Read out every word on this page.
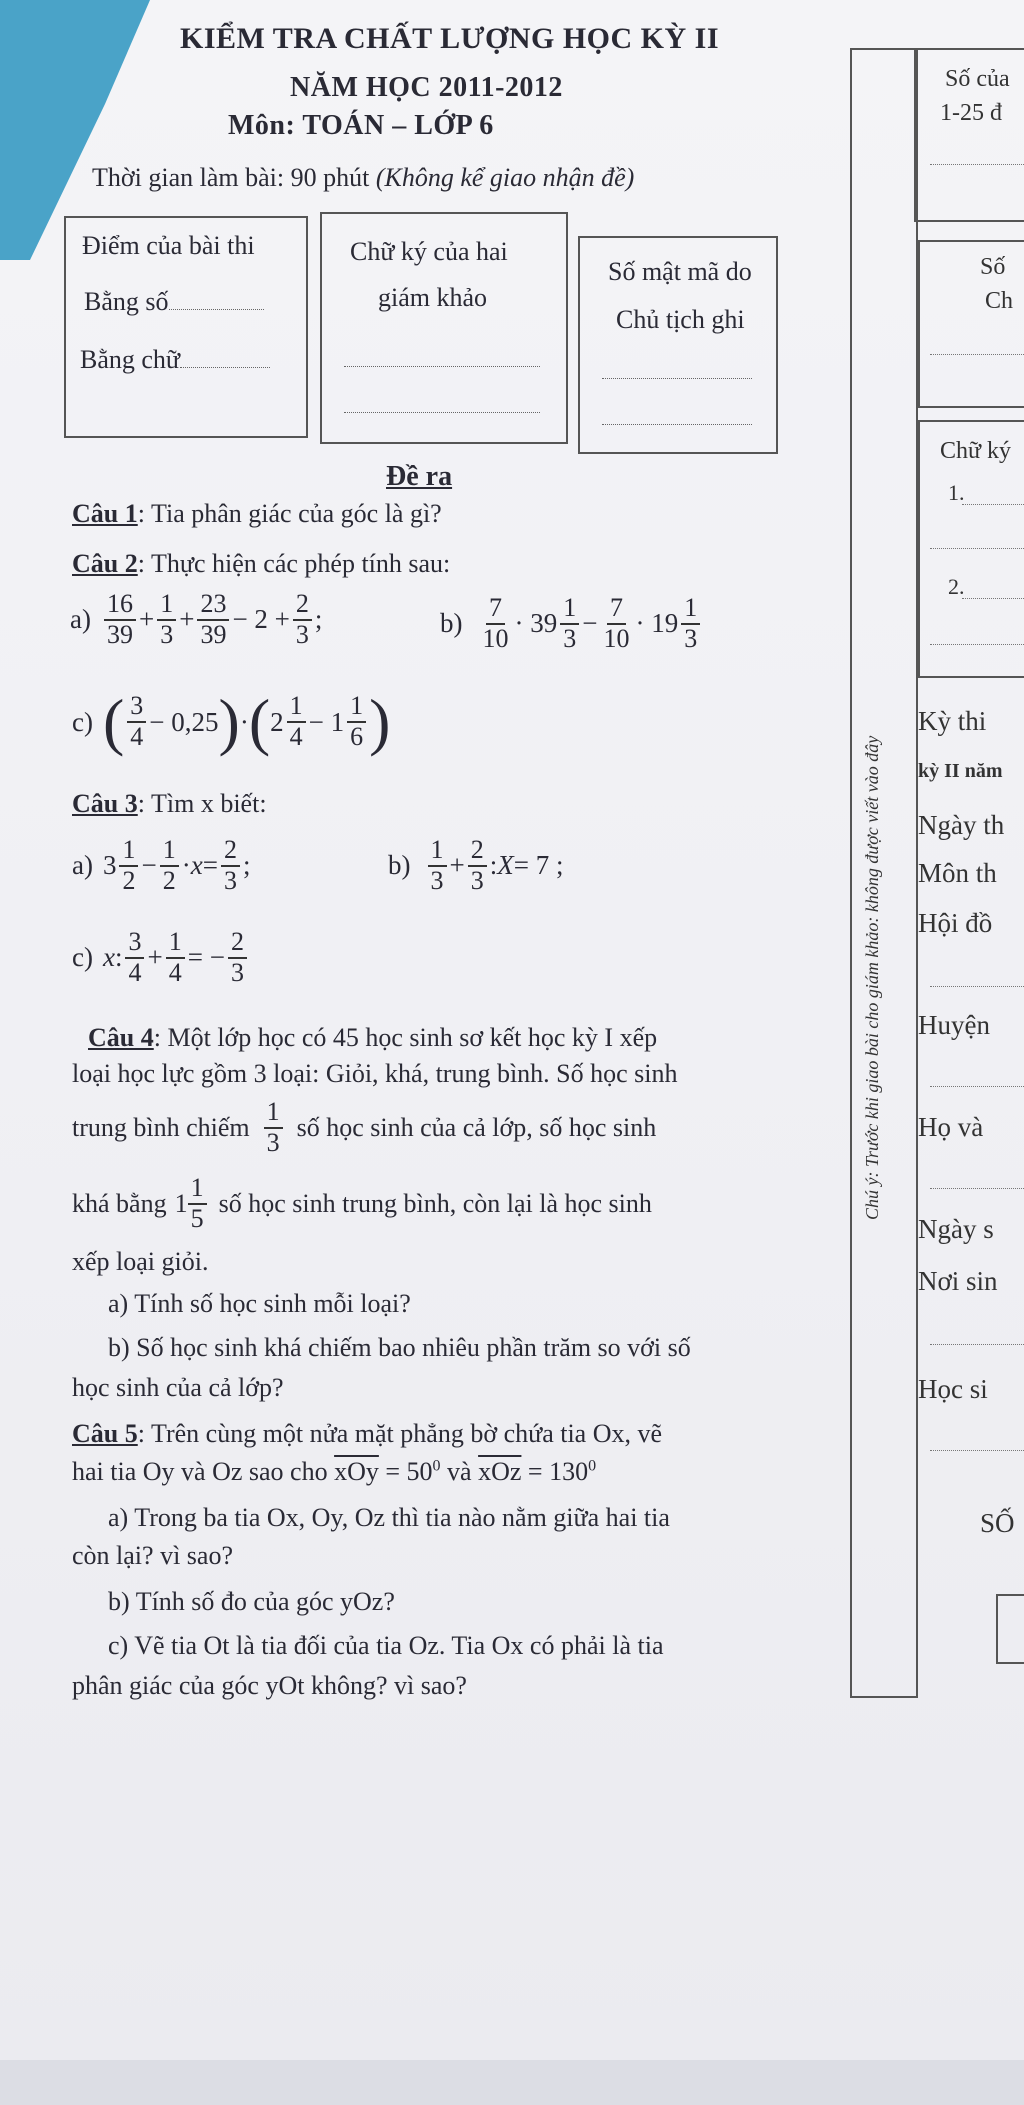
KIỂM TRA CHẤT LƯỢNG HỌC KỲ II
NĂM HỌC 2011-2012
Môn: TOÁN – LỚP 6
Thời gian làm bài: 90 phút (Không kể giao nhận đề)
Điểm của bài thi
Bằng số
Bằng chữ
Chữ ký của hai
giám khảo
Số mật mã do
Chủ tịch ghi
Đề ra
Câu 1: Tia phân giác của góc là gì?
Câu 2: Thực hiện các phép tính sau:
$a) \frac{16}{39} + \frac{1}{3} + \frac{23}{39} - 2 + \frac{2}{3}$ ;	$b) \frac{7}{10} \cdot 39 \frac{1}{3} - \frac{7}{10} \cdot 19 \frac{1}{3}$
c) ( $\frac{3}{4} - 0,25$ ) · ( $2 \frac{1}{4} - 1 \frac{1}{6}$ )
Câu 3: Tìm x biết:
a) $3 \frac{1}{2} - \frac{1}{2} \cdot x = \frac{2}{3}$ ;	$b) \frac{1}{3} + \frac{2}{3}$ : X = 7 ;
c) x : $\frac{3}{4} + \frac{1}{4}$ = − $\frac{2}{3}$
Câu 4: Một lớp học có 45 học sinh sơ kết học kỳ I xếp
loại học lực gồm 3 loại: Giỏi, khá, trung bình. Số học sinh
trung bình chiếm $\frac{1}{3}$ số học sinh của cả lớp, số học sinh
khá bằng $1 \frac{1}{5}$ số học sinh trung bình, còn lại là học sinh
xếp loại giỏi.
a) Tính số học sinh mỗi loại?
b) Số học sinh khá chiếm bao nhiêu phần trăm so với số
học sinh của cả lớp?
Câu 5: Trên cùng một nửa mặt phẳng bờ chứa tia Ox, vẽ
hai tia Oy và Oz sao cho $\overline{xOy} = 50^0$ và $\overline{xOz} = 130^0$
a) Trong ba tia Ox, Oy, Oz thì tia nào nằm giữa hai tia
còn lại? vì sao?
b) Tính số đo của góc yOz?
c) Vẽ tia Ot là tia đối của tia Oz. Tia Ox có phải là tia
phân giác của góc yOt không? vì sao?
Chú ý: Trước khi giao bài cho giám khảo: không được viết vào đây
Số của
1-25 đ
Số
Ch
Chữ ký
1.
2.
Kỳ thi
kỳ II năm
Ngày th
Môn th
Hội đồ
Huyện
Họ và
Ngày s
Nơi sin
Học si
SỐ
